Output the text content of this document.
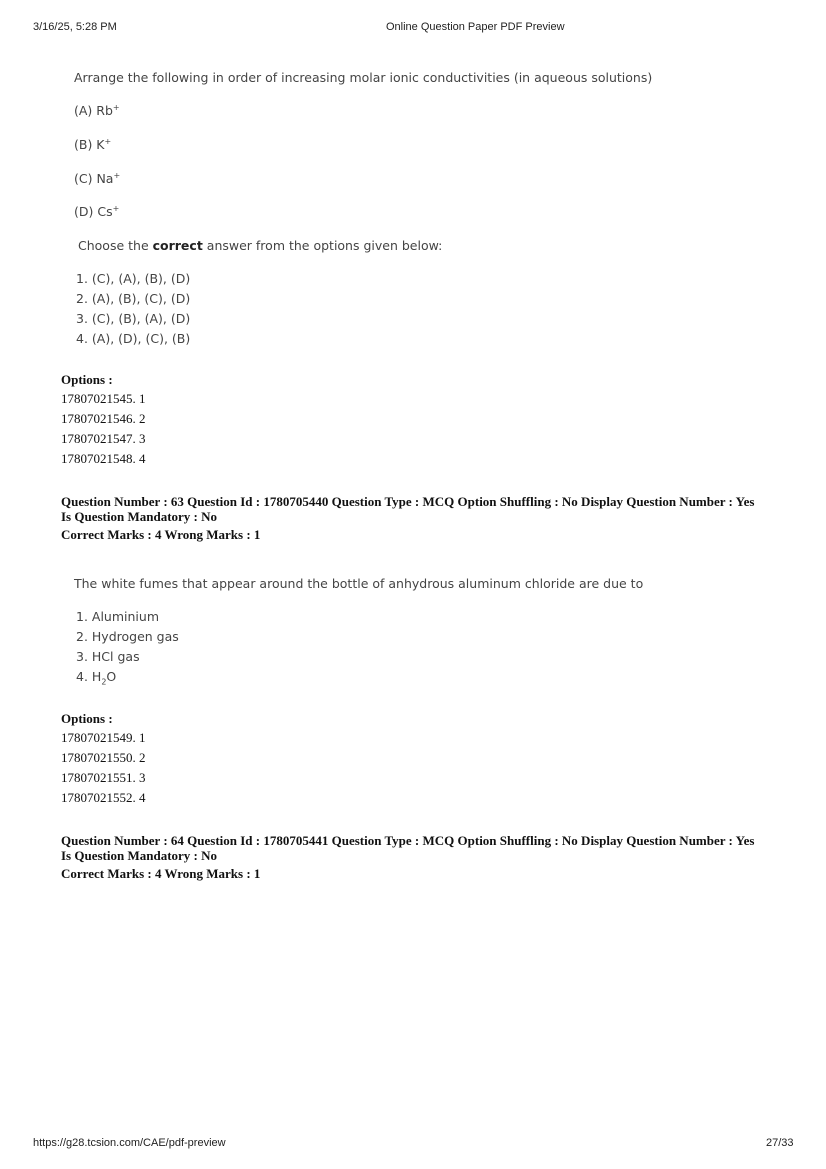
3/16/25, 5:28 PM	Online Question Paper PDF Preview
Arrange the following in order of increasing molar ionic conductivities (in aqueous solutions)
(A) Rb+
(B) K+
(C) Na+
(D) Cs+
Choose the correct answer from the options given below:
1. (C), (A), (B), (D)
2. (A), (B), (C), (D)
3. (C), (B), (A), (D)
4. (A), (D), (C), (B)
Options :
17807021545. 1
17807021546. 2
17807021547. 3
17807021548. 4
Question Number : 63 Question Id : 1780705440 Question Type : MCQ Option Shuffling : No Display Question Number : Yes
Is Question Mandatory : No
Correct Marks : 4 Wrong Marks : 1
The white fumes that appear around the bottle of anhydrous aluminum chloride are due to
1. Aluminium
2. Hydrogen gas
3. HCl gas
4. $H_2O$
Options :
17807021549. 1
17807021550. 2
17807021551. 3
17807021552. 4
Question Number : 64 Question Id : 1780705441 Question Type : MCQ Option Shuffling : No Display Question Number : Yes
Is Question Mandatory : No
Correct Marks : 4 Wrong Marks : 1
https://g28.tcsion.com/CAE/pdf-preview	27/33
